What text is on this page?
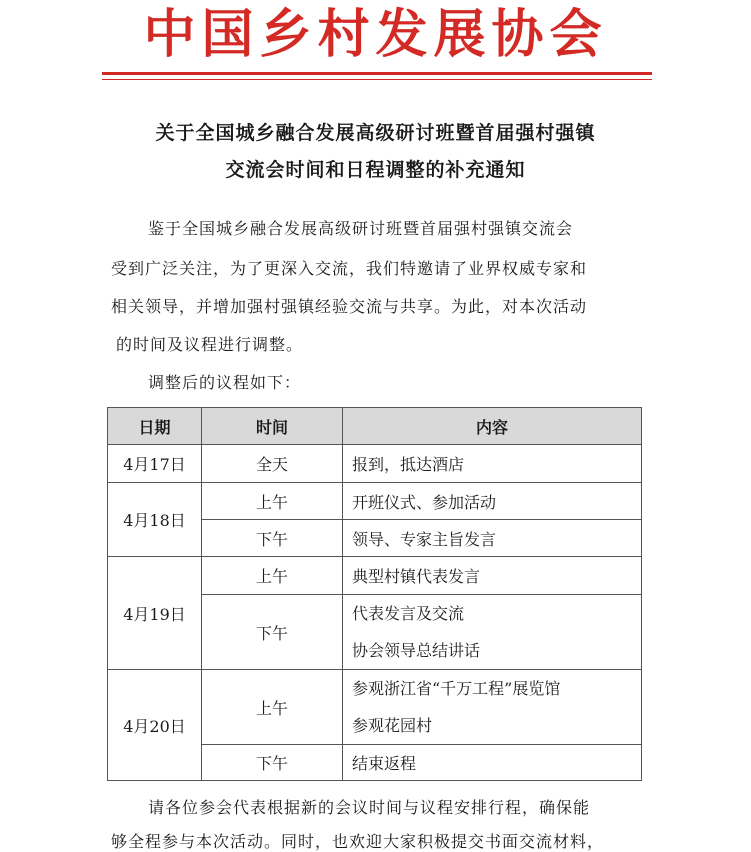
中国乡村发展协会
关于全国城乡融合发展高级研讨班暨首届强村强镇
交流会时间和日程调整的补充通知
鉴于全国城乡融合发展高级研讨班暨首届强村强镇交流会
受到广泛关注，为了更深入交流，我们特邀请了业界权威专家和
相关领导，并增加强村强镇经验交流与共享。为此，对本次活动
的时间及议程进行调整。
调整后的议程如下：
日期	时间	内容
4月17日	全天	报到，抵达酒店
4月18日	上午	开班仪式、参加活动
	下午	领导、专家主旨发言
4月19日	上午	典型村镇代表发言
	下午	代表发言及交流
协会领导总结讲话

4月20日	上午	参观浙江省“千万工程”展览馆
参观花园村

	下午	结束返程
请各位参会代表根据新的会议时间与议程安排行程，确保能
够全程参与本次活动。同时，也欢迎大家积极提交书面交流材料，
